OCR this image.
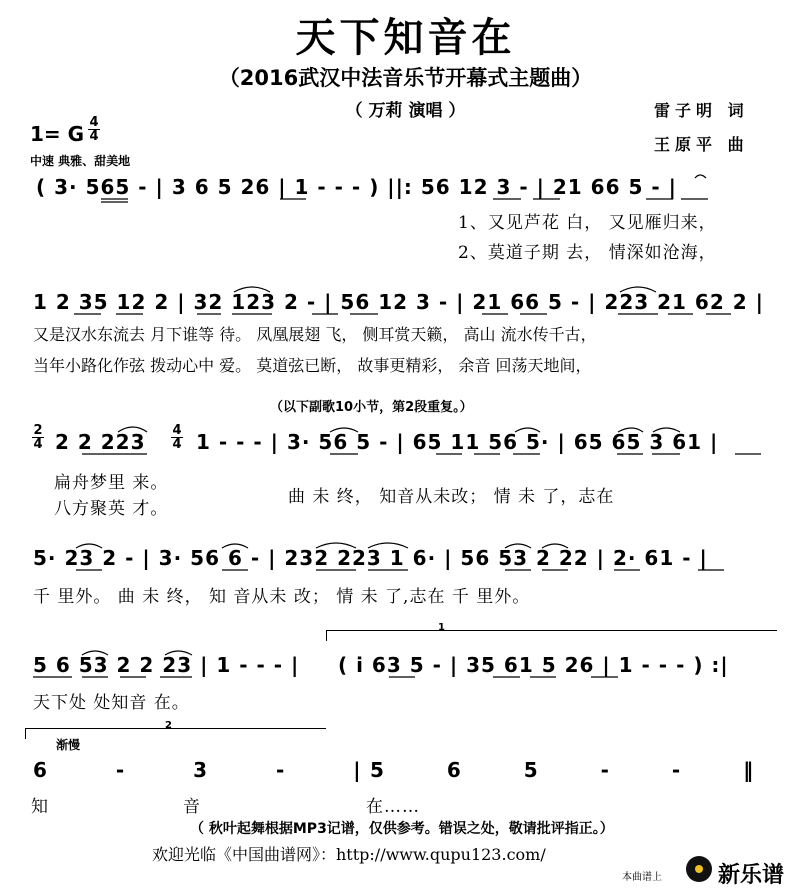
天下知音在
（2016武汉中法音乐节开幕式主题曲）
（ 万莉 演唱 ）	雷子明 词
王原平 曲
1= G 4
4
中速 典雅、甜美地
( 3· 565 - | 3 6 5 26 | 1 - - - ) ||: 56 12 3 - | 21 66 5 - |
1、又见芦花 白， 又见雁归来，
2、莫道子期 去， 情深如沧海，
1 2 35 12 2 | 32 123 2 - | 56 12 3 - | 21 66 5 - | 223 21 62 2 |
又是汉水东流去 月下谁等 待。 凤凰展翅 飞， 侧耳赏天籁， 高山 流水传千古，
当年小路化作弦 拨动心中 爱。 莫道弦已断， 故事更精彩， 余音 回荡天地间，
（以下副歌10小节，第2段重复。）
2
4 2 2 223 4
4 1 - - - | 3· 56 5 - | 65 11 56 5· | 65 65 3 61 |
扁舟梦里 来。
八方聚英 才。
曲 未 终， 知音从未改； 情 未 了，志在
5· 23 2 - | 3· 56 6 - | 232 223 1 6· | 56 53 2 22 | 2· 61 - |
千 里外。 曲 未 终， 知 音从未 改； 情 未 了,志在 千 里外。
1
5 6 53 2 2 23 | 1 - - - | ( i 63 5 - | 35 61 5 26 | 1 - - - ) :|
天下处 处知音 在。
2
渐慢
6 - 3 - | 5 6 5 - - ‖
知	音	在……
（ 秋叶起舞根据MP3记谱，仅供参考。错误之处，敬请批评指正。）
欢迎光临《中国曲谱网》：http://www.qupu123.com/
本曲谱上	新乐谱
